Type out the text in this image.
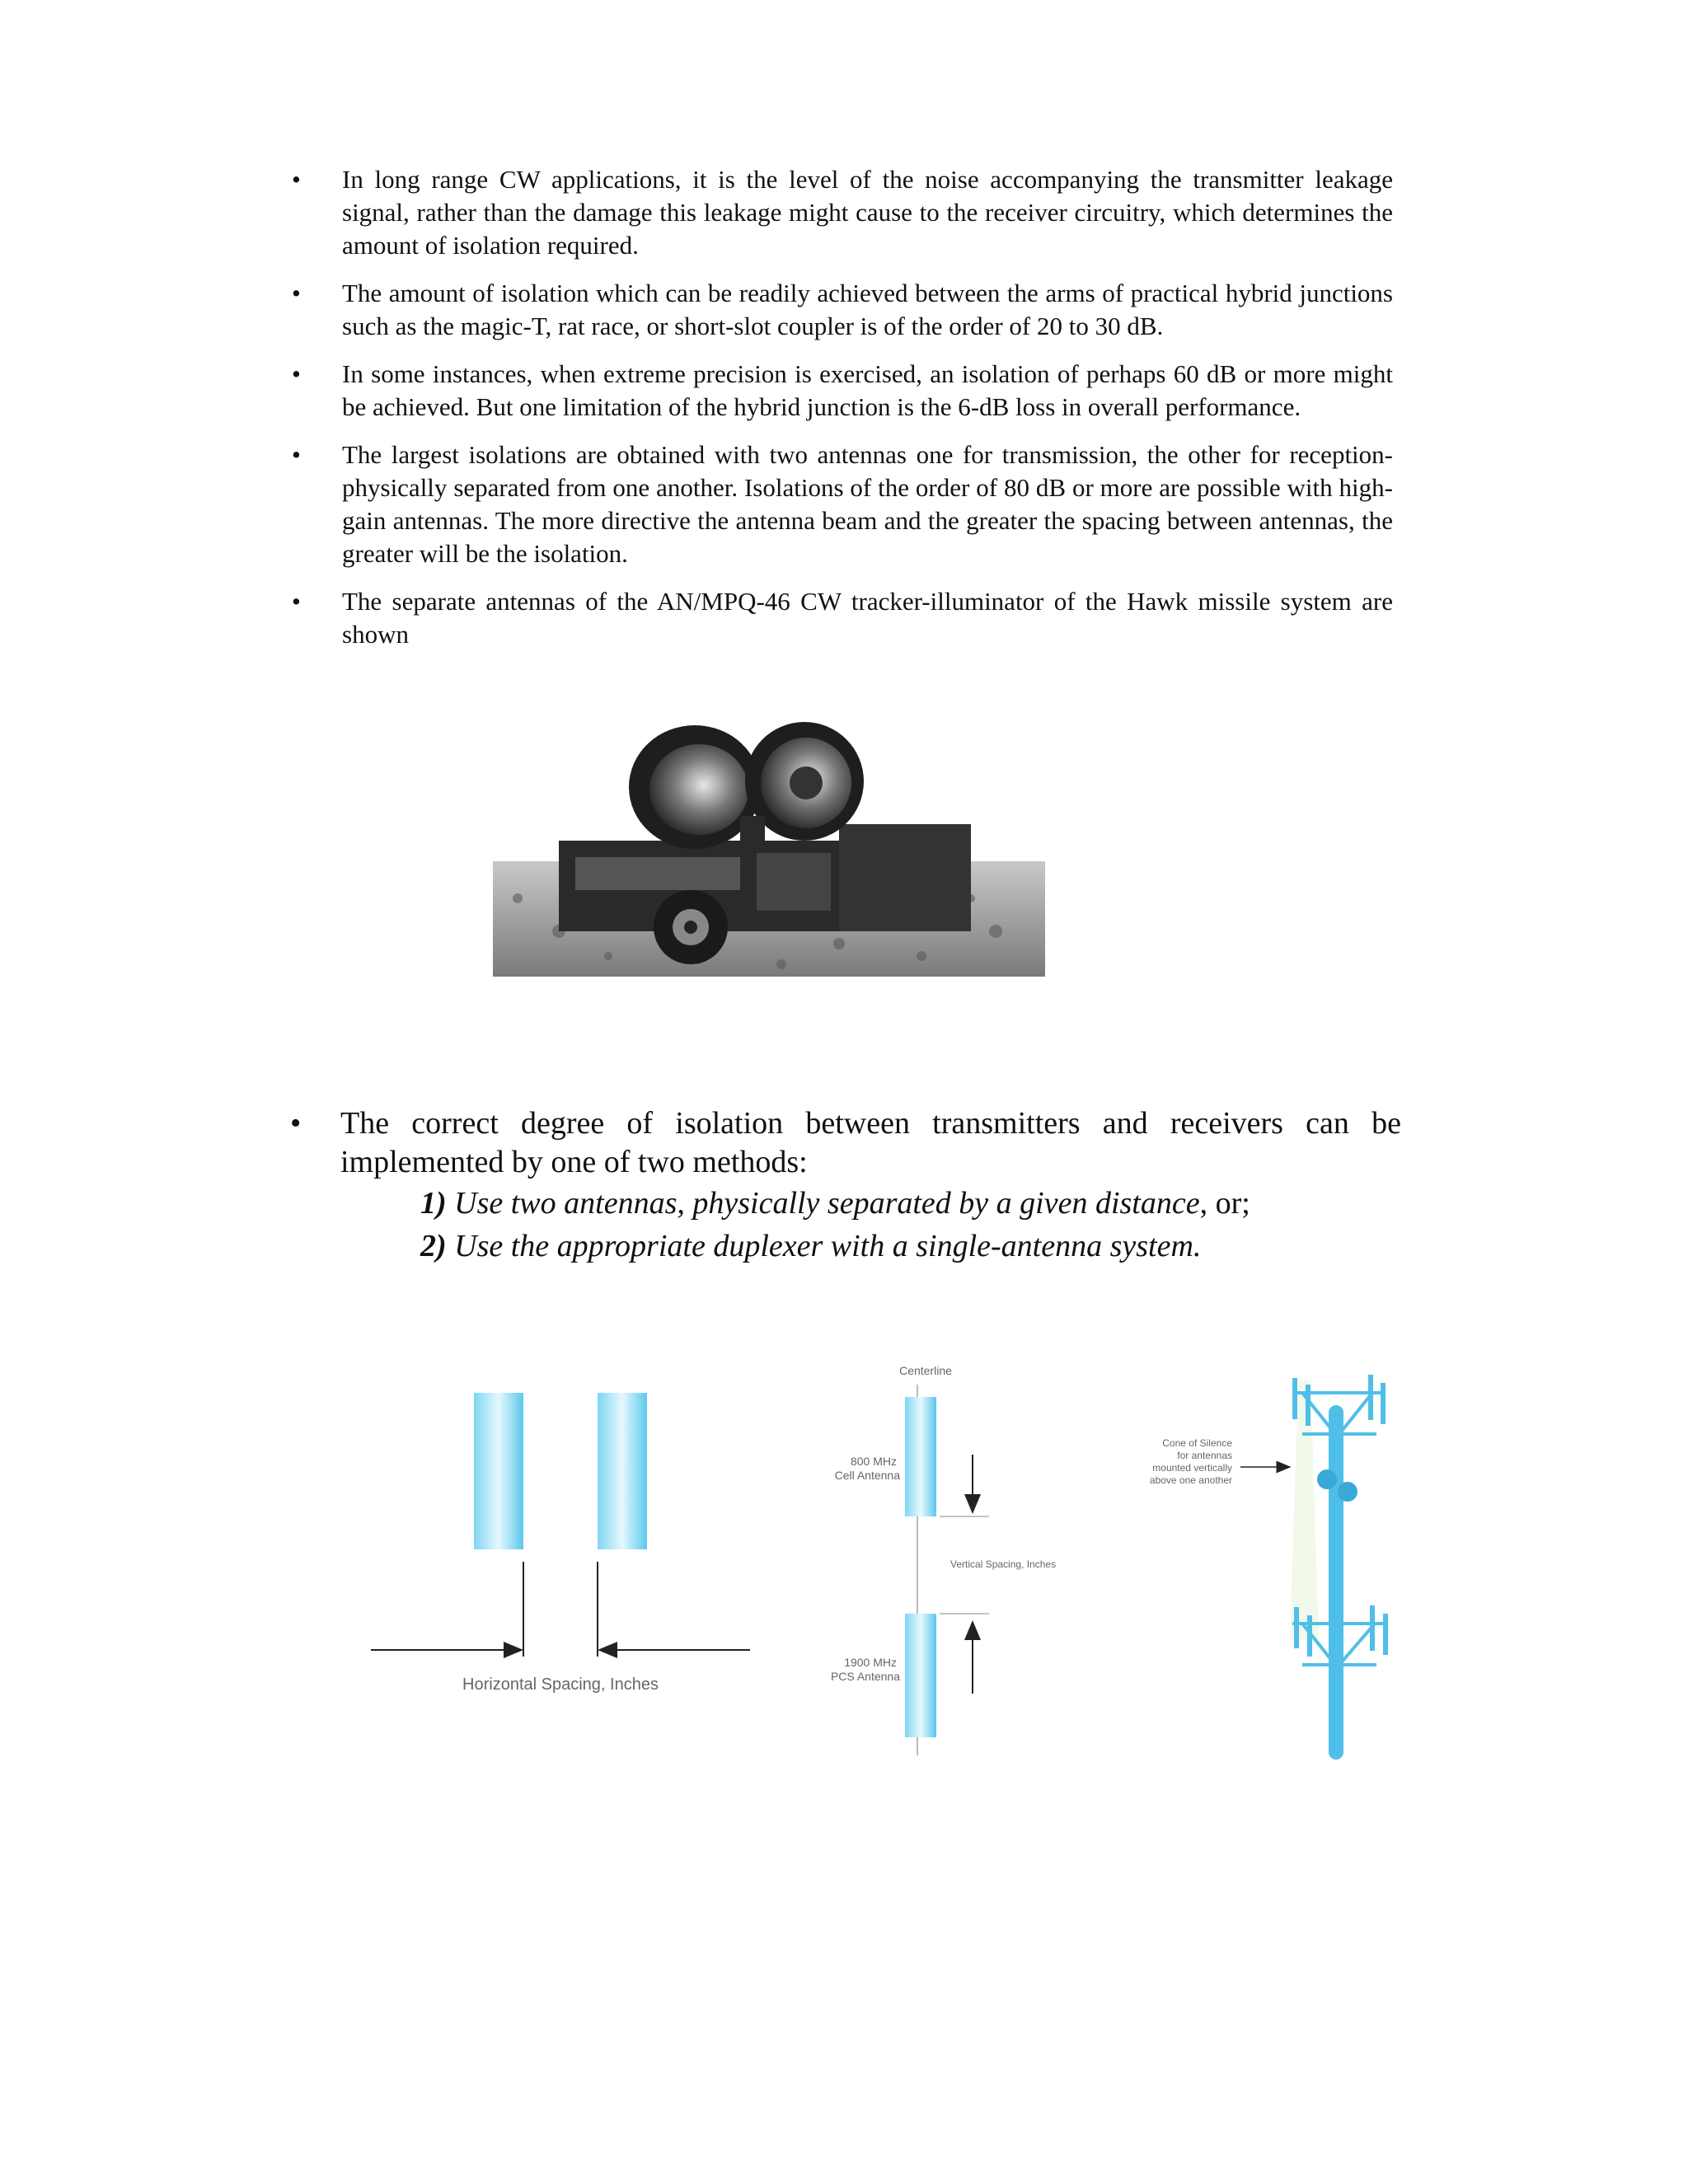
• In long range CW applications, it is the level of the noise accompanying the transmitter leakage signal, rather than the damage this leakage might cause to the receiver circuitry, which determines the amount of isolation required.
• The amount of isolation which can be readily achieved between the arms of practical hybrid junctions such as the magic-T, rat race, or short-slot coupler is of the order of 20 to 30 dB.
• In some instances, when extreme precision is exercised, an isolation of perhaps 60 dB or more might be achieved. But one limitation of the hybrid junction is the 6-dB loss in overall performance.
• The largest isolations are obtained with two antennas one for transmission, the other for reception-physically separated from one another. Isolations of the order of 80 dB or more are possible with high-gain antennas. The more directive the antenna beam and the greater the spacing between antennas, the greater will be the isolation.
• The separate antennas of the AN/MPQ-46 CW tracker-illuminator of the Hawk missile system are shown
• The correct degree of isolation between transmitters and receivers can be implemented by one of two methods:
1) Use two antennas, physically separated by a given distance, or;
2) Use the appropriate duplexer with a single-antenna system.
Horizontal Spacing, Inches
Centerline
800 MHz
Cell Antenna
1900 MHz
PCS Antenna
Vertical Spacing, Inches
Cone of Silence
for antennas
mounted vertically
above one another
